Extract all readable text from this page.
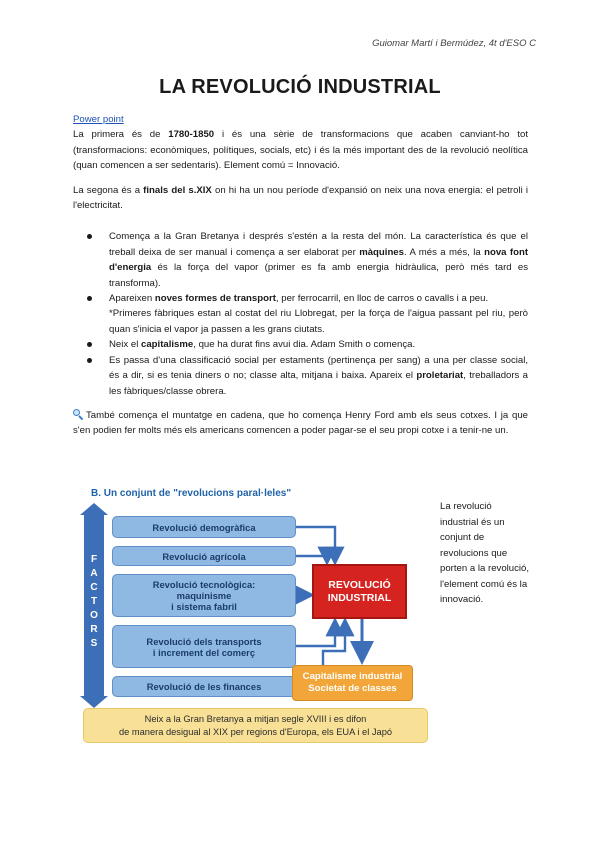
Guiomar Martí i Bermúdez, 4t d'ESO C
LA REVOLUCIÓ INDUSTRIAL

Power point

La primera és de 1780-1850 i és una sèrie de transformacions que acaben canviant-ho tot (transformacions: econòmiques, polítiques, socials, etc) i és la més important des de la revolució neolítica (quan comencen a ser sedentaris). Element comú = Innovació.

La segona és a finals del s.XIX on hi ha un nou període d'expansió on neix una nova energia: el petroli i l'electricitat.

Comença a la Gran Bretanya i després s'estén a la resta del món. La característica és que el treball deixa de ser manual i comença a ser elaborat per màquines. A més a més, la nova font d'energia és la força del vapor (primer es fa amb energia hidràulica, però més tard es transforma).
Apareixen noves formes de transport, per ferrocarril, en lloc de carros o cavalls i a peu.
*Primeres fàbriques estan al costat del riu Llobregat, per la força de l'aigua passant pel riu, però quan s'inicia el vapor ja passen a les grans ciutats.
Neix el capitalisme, que ha durat fins avui dia. Adam Smith o comença.
Es passa d'una classificació social per estaments (pertinença per sang) a una per classe social, és a dir, si es tenia diners o no; classe alta, mitjana i baixa. Apareix el proletariat, treballadors a les fàbriques/classe obrera.

També comença el muntatge en cadena, que ho comença Henry Ford amb els seus cotxes. I ja que s'en podien fer molts més els americans comencen a poder pagar-se el seu propi cotxe i a tenir-ne un.

B. Un conjunt de "revolucions paral·leles"
F
A
C
T
O
R
S
Revolució demogràfica
Revolució agrícola
Revolució tecnològica:
maquinisme
i sistema fabril
Revolució dels transports
i increment del comerç
Revolució de les finances
REVOLUCIÓ
INDUSTRIAL
Capitalisme industrial
Societat de classes
Neix a la Gran Bretanya a mitjan segle XVIII i es difon
de manera desigual al XIX per regions d'Europa, els EUA i el Japó
La revolució industrial és un conjunt de revolucions que porten a la revolució, l'element comú és la innovació.
